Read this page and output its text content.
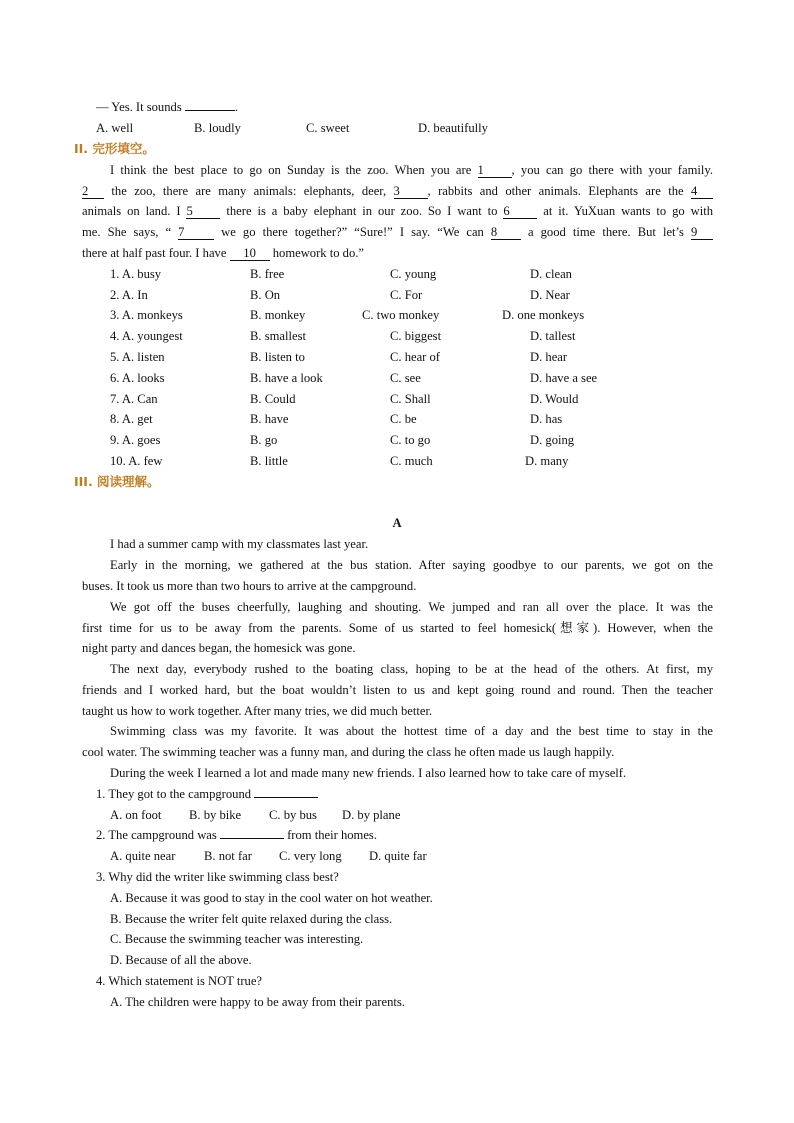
— Yes. It sounds	.
A. well	B. loudly	C. sweet	D. beautifully
II. 完形填空。
I think the best place to go on Sunday is the zoo. When you are 1 , you can go there with your family.
2 the zoo, there are many animals: elephants, deer, 3 , rabbits and other animals. Elephants are the 4
animals on land. I 5 there is a baby elephant in our zoo. So I want to 6 at it. YuXuan wants to go with
me. She says, “ 7 we go there together?” “Sure!” I say. “We can 8 a good time there. But let’s 9
there at half past four. I have 10 homework to do.”
1. A. busy	B. free	C. young	D. clean
2. A. In	B. On	C. For	D. Near
3. A. monkeys	B. monkey	C. two monkey	D. one monkeys
4. A. youngest	B. smallest	C. biggest	D. tallest
5. A. listen	B. listen to	C. hear of	D. hear
6. A. looks	B. have a look	C. see	D. have a see
7. A. Can	B. Could	C. Shall	D. Would
8. A. get	B. have	C. be	D. has
9. A. goes	B. go	C. to go	D. going
10. A. few	B. little	C. much	D. many
III. 阅读理解。
A
I had a summer camp with my classmates last year.
Early in the morning, we gathered at the bus station. After saying goodbye to our parents, we got on the
buses. It took us more than two hours to arrive at the campground.
We got off the buses cheerfully, laughing and shouting. We jumped and ran all over the place. It was the
first time for us to be away from the parents. Some of us started to feel homesick(想家). However, when the
night party and dances began, the homesick was gone.
The next day, everybody rushed to the boating class, hoping to be at the head of the others. At first, my
friends and I worked hard, but the boat wouldn’t listen to us and kept going round and round. Then the teacher
taught us how to work together. After many tries, we did much better.
Swimming class was my favorite. It was about the hottest time of a day and the best time to stay in the
cool water. The swimming teacher was a funny man, and during the class he often made us laugh happily.
During the week I learned a lot and made many new friends. I also learned how to take care of myself.
1. They got to the campground
A. on foot B. by bike C. by bus D. by plane
2. The campground was	from their homes.
A. quite near B. not far C. very long D. quite far
3. Why did the writer like swimming class best?
A. Because it was good to stay in the cool water on hot weather.
B. Because the writer felt quite relaxed during the class.
C. Because the swimming teacher was interesting.
D. Because of all the above.
4. Which statement is NOT true?
A. The children were happy to be away from their parents.
